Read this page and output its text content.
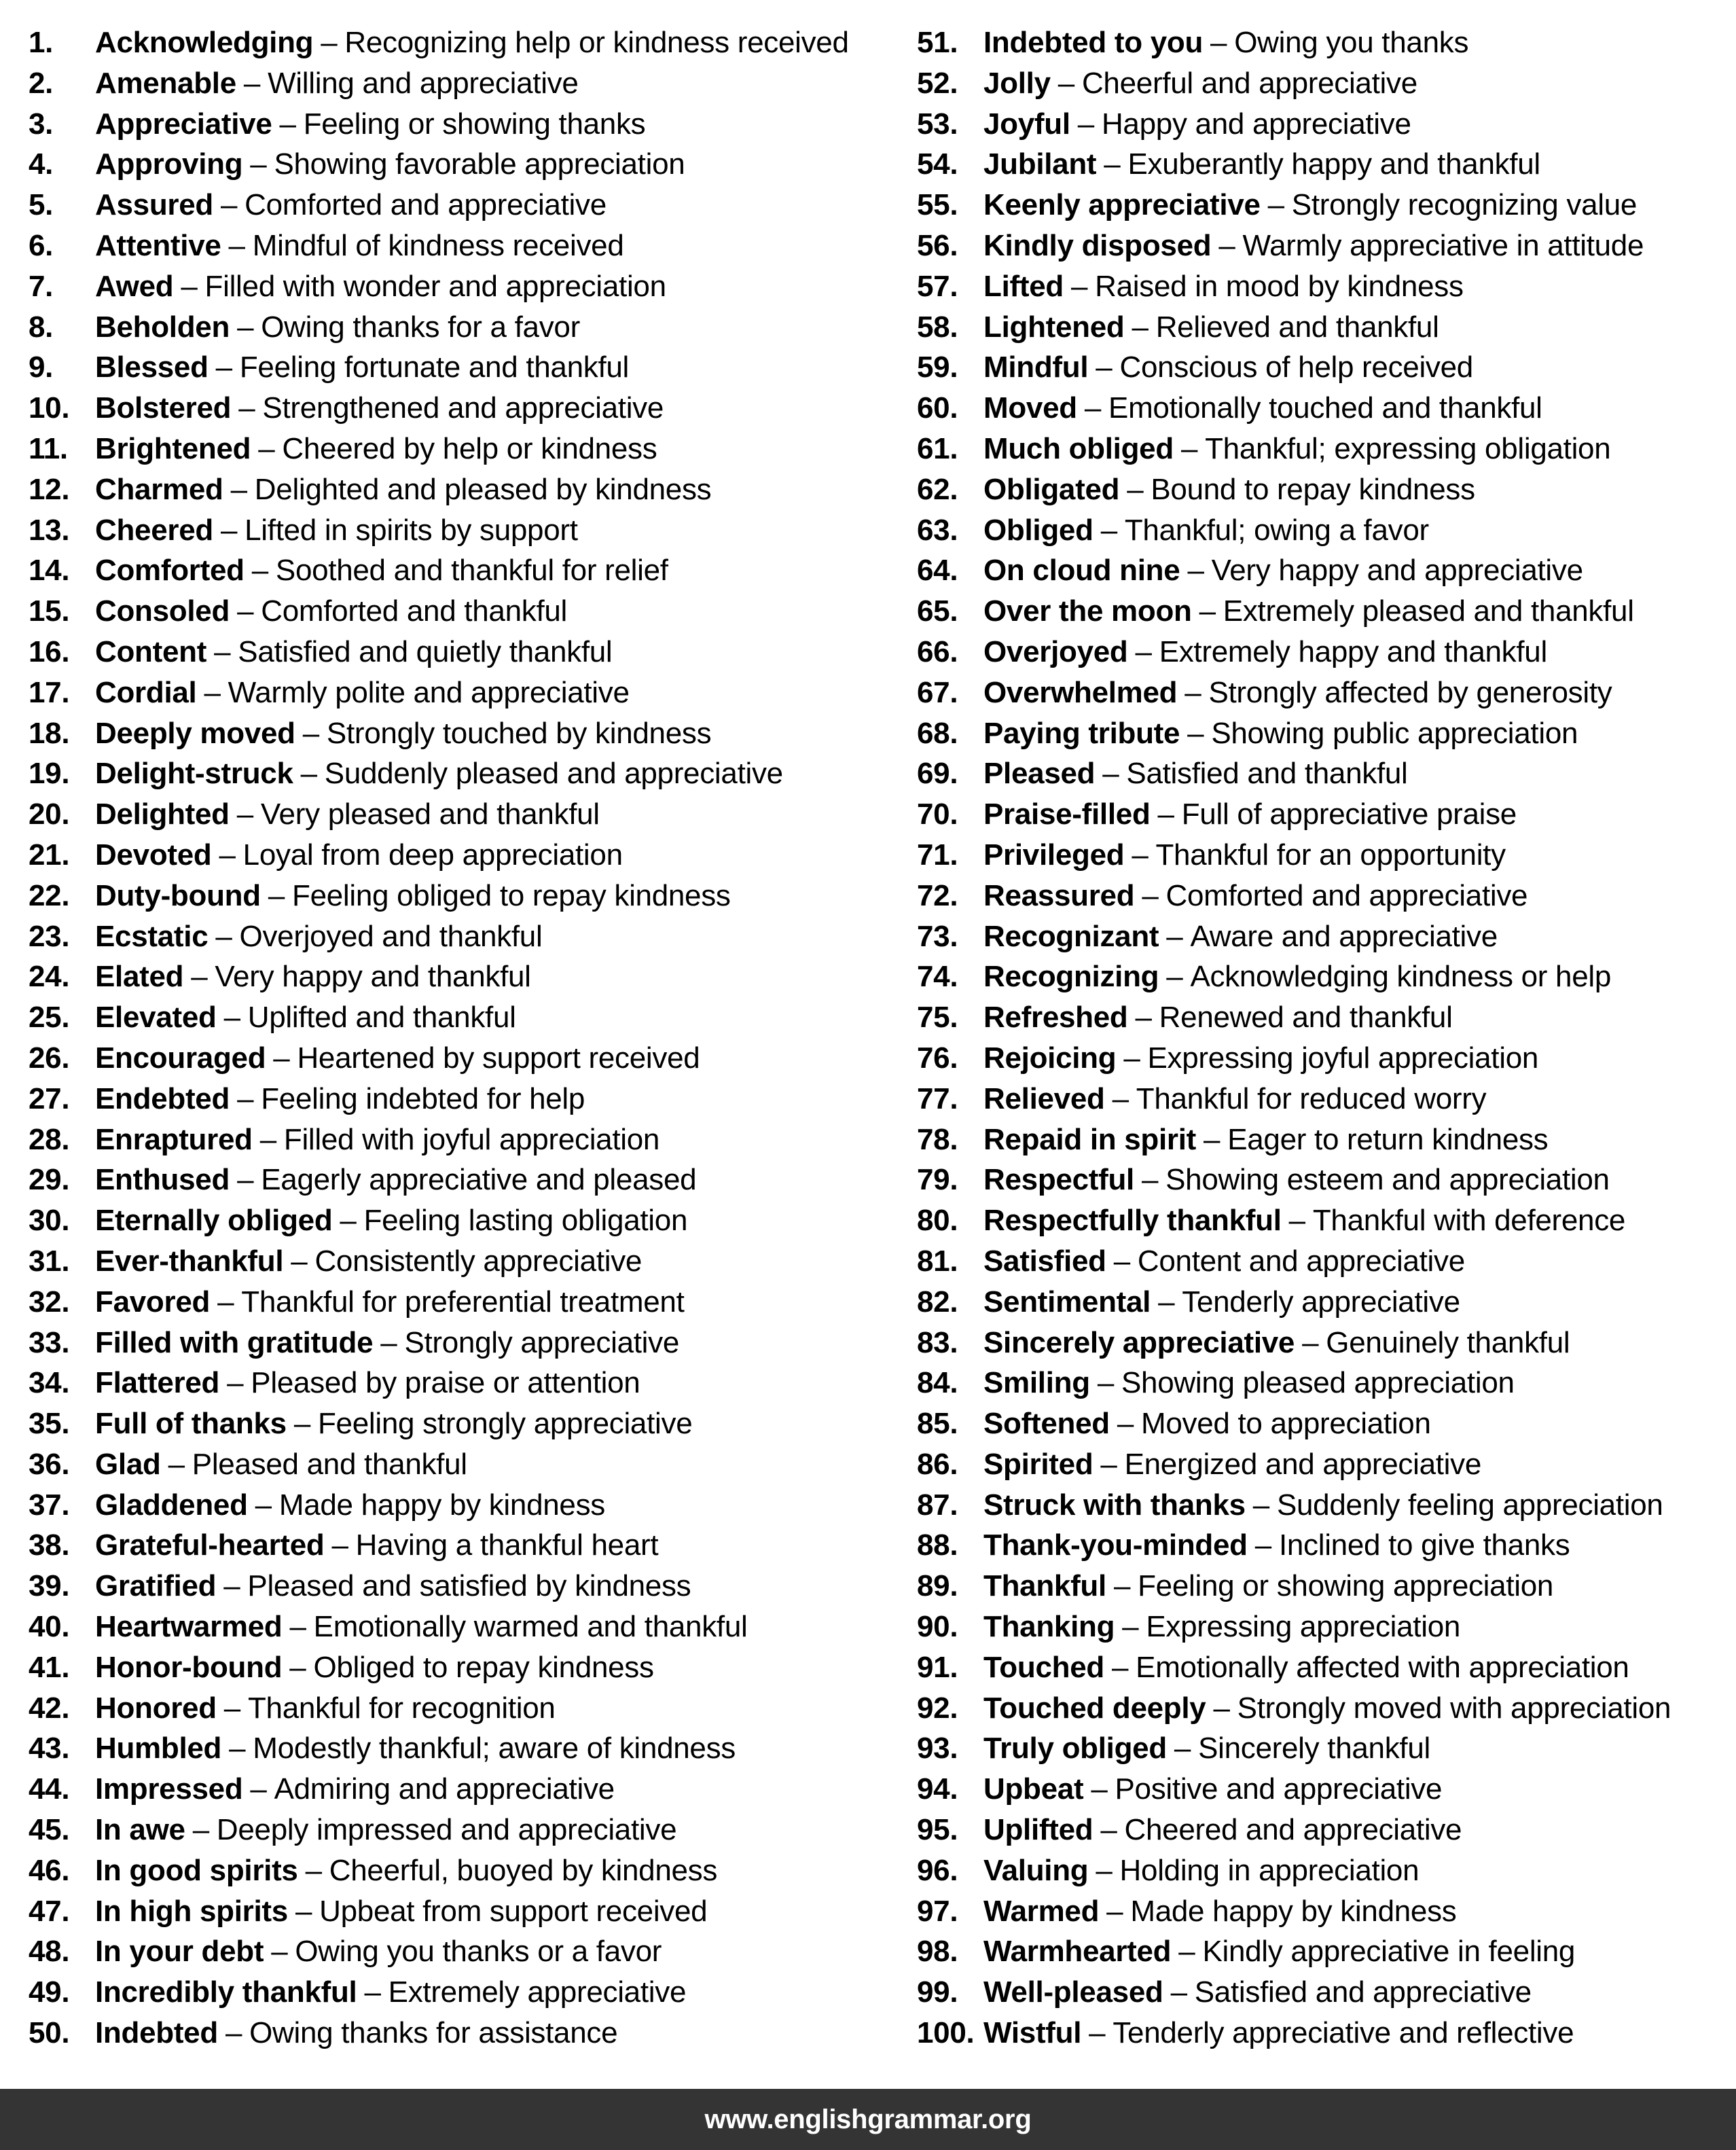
1.	Acknowledging – Recognizing help or kindness received
2.	Amenable – Willing and appreciative
3.	Appreciative – Feeling or showing thanks
4.	Approving – Showing favorable appreciation
5.	Assured – Comforted and appreciative
6.	Attentive – Mindful of kindness received
7.	Awed – Filled with wonder and appreciation
8.	Beholden – Owing thanks for a favor
9.	Blessed – Feeling fortunate and thankful
10. Bolstered – Strengthened and appreciative
11. Brightened – Cheered by help or kindness
12. Charmed – Delighted and pleased by kindness
13. Cheered – Lifted in spirits by support
14. Comforted – Soothed and thankful for relief
15. Consoled – Comforted and thankful
16. Content – Satisfied and quietly thankful
17. Cordial – Warmly polite and appreciative
18. Deeply moved – Strongly touched by kindness
19. Delight-struck – Suddenly pleased and appreciative
20. Delighted – Very pleased and thankful
21. Devoted – Loyal from deep appreciation
22. Duty-bound – Feeling obliged to repay kindness
23. Ecstatic – Overjoyed and thankful
24. Elated – Very happy and thankful
25. Elevated – Uplifted and thankful
26. Encouraged – Heartened by support received
27. Endebted – Feeling indebted for help
28. Enraptured – Filled with joyful appreciation
29. Enthused – Eagerly appreciative and pleased
30. Eternally obliged – Feeling lasting obligation
31. Ever-thankful – Consistently appreciative
32. Favored – Thankful for preferential treatment
33. Filled with gratitude – Strongly appreciative
34. Flattered – Pleased by praise or attention
35. Full of thanks – Feeling strongly appreciative
36. Glad – Pleased and thankful
37. Gladdened – Made happy by kindness
38. Grateful-hearted – Having a thankful heart
39. Gratified – Pleased and satisfied by kindness
40. Heartwarmed – Emotionally warmed and thankful
41. Honor-bound – Obliged to repay kindness
42. Honored – Thankful for recognition
43. Humbled – Modestly thankful; aware of kindness
44. Impressed – Admiring and appreciative
45. In awe – Deeply impressed and appreciative
46. In good spirits – Cheerful, buoyed by kindness
47. In high spirits – Upbeat from support received
48. In your debt – Owing you thanks or a favor
49. Incredibly thankful – Extremely appreciative
50. Indebted – Owing thanks for assistance
51. Indebted to you – Owing you thanks
52. Jolly – Cheerful and appreciative
53. Joyful – Happy and appreciative
54. Jubilant – Exuberantly happy and thankful
55. Keenly appreciative – Strongly recognizing value
56. Kindly disposed – Warmly appreciative in attitude
57. Lifted – Raised in mood by kindness
58. Lightened – Relieved and thankful
59. Mindful – Conscious of help received
60. Moved – Emotionally touched and thankful
61. Much obliged – Thankful; expressing obligation
62. Obligated – Bound to repay kindness
63. Obliged – Thankful; owing a favor
64. On cloud nine – Very happy and appreciative
65. Over the moon – Extremely pleased and thankful
66. Overjoyed – Extremely happy and thankful
67. Overwhelmed – Strongly affected by generosity
68. Paying tribute – Showing public appreciation
69. Pleased – Satisfied and thankful
70. Praise-filled – Full of appreciative praise
71. Privileged – Thankful for an opportunity
72. Reassured – Comforted and appreciative
73. Recognizant – Aware and appreciative
74. Recognizing – Acknowledging kindness or help
75. Refreshed – Renewed and thankful
76. Rejoicing – Expressing joyful appreciation
77. Relieved – Thankful for reduced worry
78. Repaid in spirit – Eager to return kindness
79. Respectful – Showing esteem and appreciation
80. Respectfully thankful – Thankful with deference
81. Satisfied – Content and appreciative
82. Sentimental – Tenderly appreciative
83. Sincerely appreciative – Genuinely thankful
84. Smiling – Showing pleased appreciation
85. Softened – Moved to appreciation
86. Spirited – Energized and appreciative
87. Struck with thanks – Suddenly feeling appreciation
88. Thank-you-minded – Inclined to give thanks
89. Thankful – Feeling or showing appreciation
90. Thanking – Expressing appreciation
91. Touched – Emotionally affected with appreciation
92. Touched deeply – Strongly moved with appreciation
93. Truly obliged – Sincerely thankful
94. Upbeat – Positive and appreciative
95. Uplifted – Cheered and appreciative
96. Valuing – Holding in appreciation
97. Warmed – Made happy by kindness
98. Warmhearted – Kindly appreciative in feeling
99. Well-pleased – Satisfied and appreciative
100. Wistful – Tenderly appreciative and reflective
www.englishgrammar.org
